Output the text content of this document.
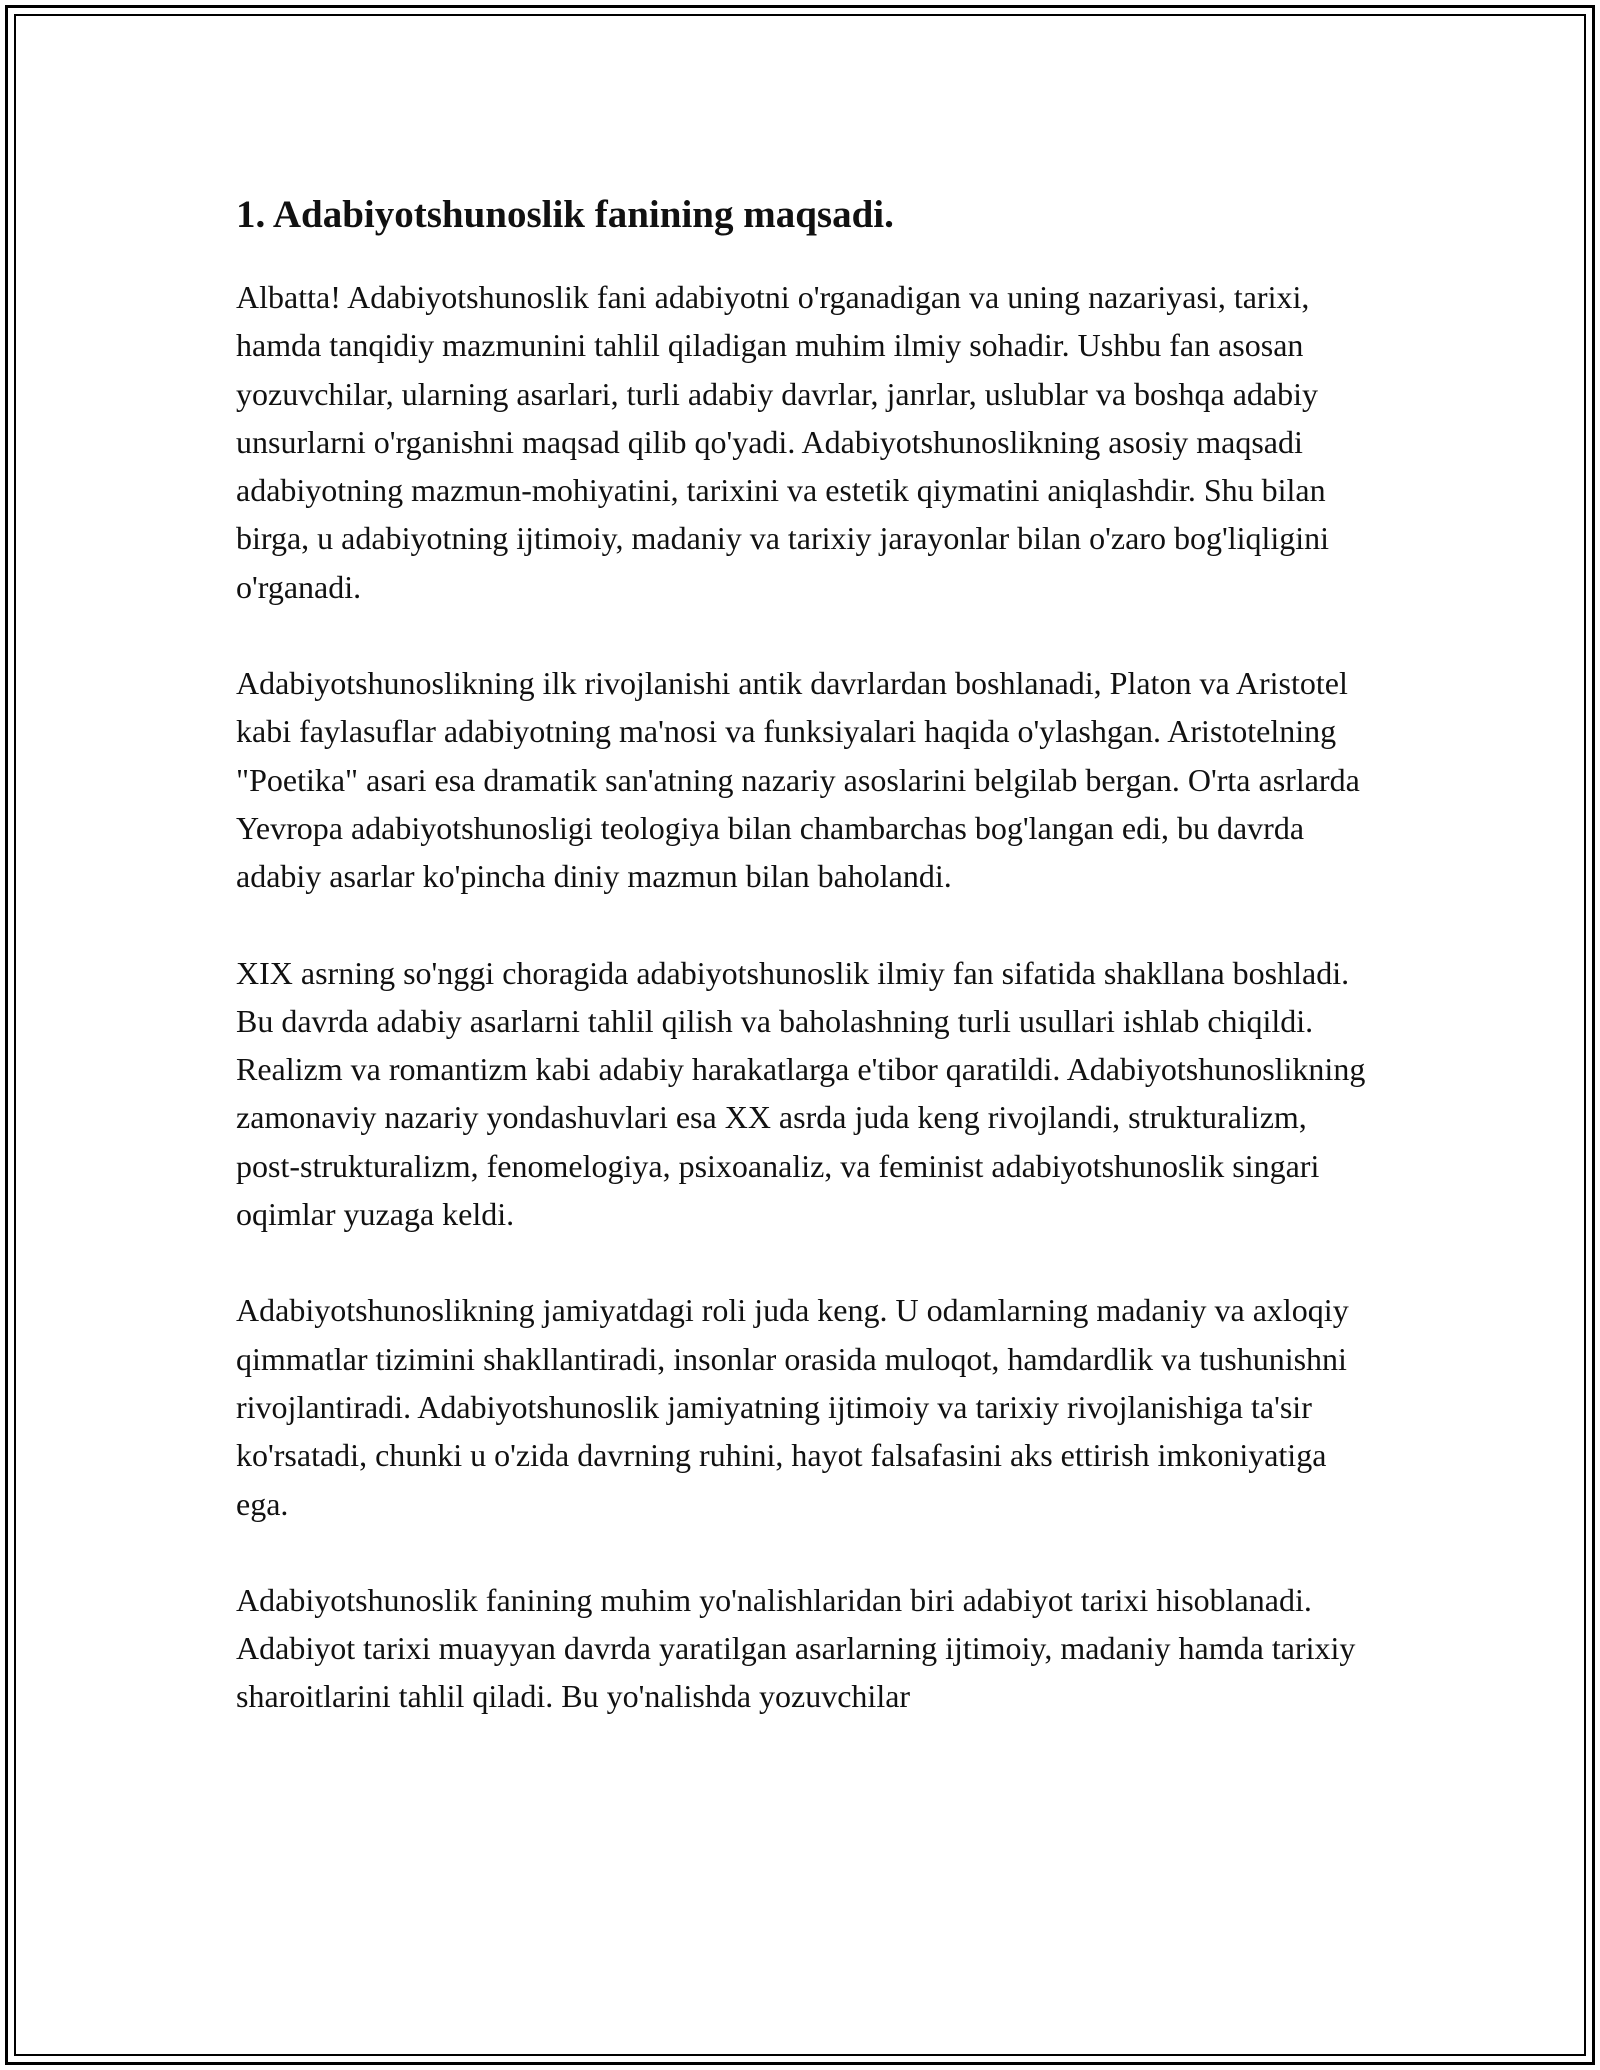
1. Adabiyotshunoslik fanining maqsadi.

Albatta! Adabiyotshunoslik fani adabiyotni o'rganadigan va uning nazariyasi, tarixi, hamda tanqidiy mazmunini tahlil qiladigan muhim ilmiy sohadir. Ushbu fan asosan yozuvchilar, ularning asarlari, turli adabiy davrlar, janrlar, uslublar va boshqa adabiy unsurlarni o'rganishni maqsad qilib qo'yadi. Adabiyotshunoslikning asosiy maqsadi adabiyotning mazmun-mohiyatini, tarixini va estetik qiymatini aniqlashdir. Shu bilan birga, u adabiyotning ijtimoiy, madaniy va tarixiy jarayonlar bilan o'zaro bog'liqligini o'rganadi.

Adabiyotshunoslikning ilk rivojlanishi antik davrlardan boshlanadi, Platon va Aristotel kabi faylasuflar adabiyotning ma'nosi va funksiyalari haqida o'ylashgan. Aristotelning "Poetika" asari esa dramatik san'atning nazariy asoslarini belgilab bergan. O'rta asrlarda Yevropa adabiyotshunosligi teologiya bilan chambarchas bog'langan edi, bu davrda adabiy asarlar ko'pincha diniy mazmun bilan baholandi.

XIX asrning so'nggi choragida adabiyotshunoslik ilmiy fan sifatida shakllana boshladi. Bu davrda adabiy asarlarni tahlil qilish va baholashning turli usullari ishlab chiqildi. Realizm va romantizm kabi adabiy harakatlarga e'tibor qaratildi. Adabiyotshunoslikning zamonaviy nazariy yondashuvlari esa XX asrda juda keng rivojlandi, strukturalizm, post-strukturalizm, fenomelogiya, psixoanaliz, va feminist adabiyotshunoslik singari oqimlar yuzaga keldi.

Adabiyotshunoslikning jamiyatdagi roli juda keng. U odamlarning madaniy va axloqiy qimmatlar tizimini shakllantiradi, insonlar orasida muloqot, hamdardlik va tushunishni rivojlantiradi. Adabiyotshunoslik jamiyatning ijtimoiy va tarixiy rivojlanishiga ta'sir ko'rsatadi, chunki u o'zida davrning ruhini, hayot falsafasini aks ettirish imkoniyatiga ega.

Adabiyotshunoslik fanining muhim yo'nalishlaridan biri adabiyot tarixi hisoblanadi. Adabiyot tarixi muayyan davrda yaratilgan asarlarning ijtimoiy, madaniy hamda tarixiy sharoitlarini tahlil qiladi. Bu yo'nalishda yozuvchilar
